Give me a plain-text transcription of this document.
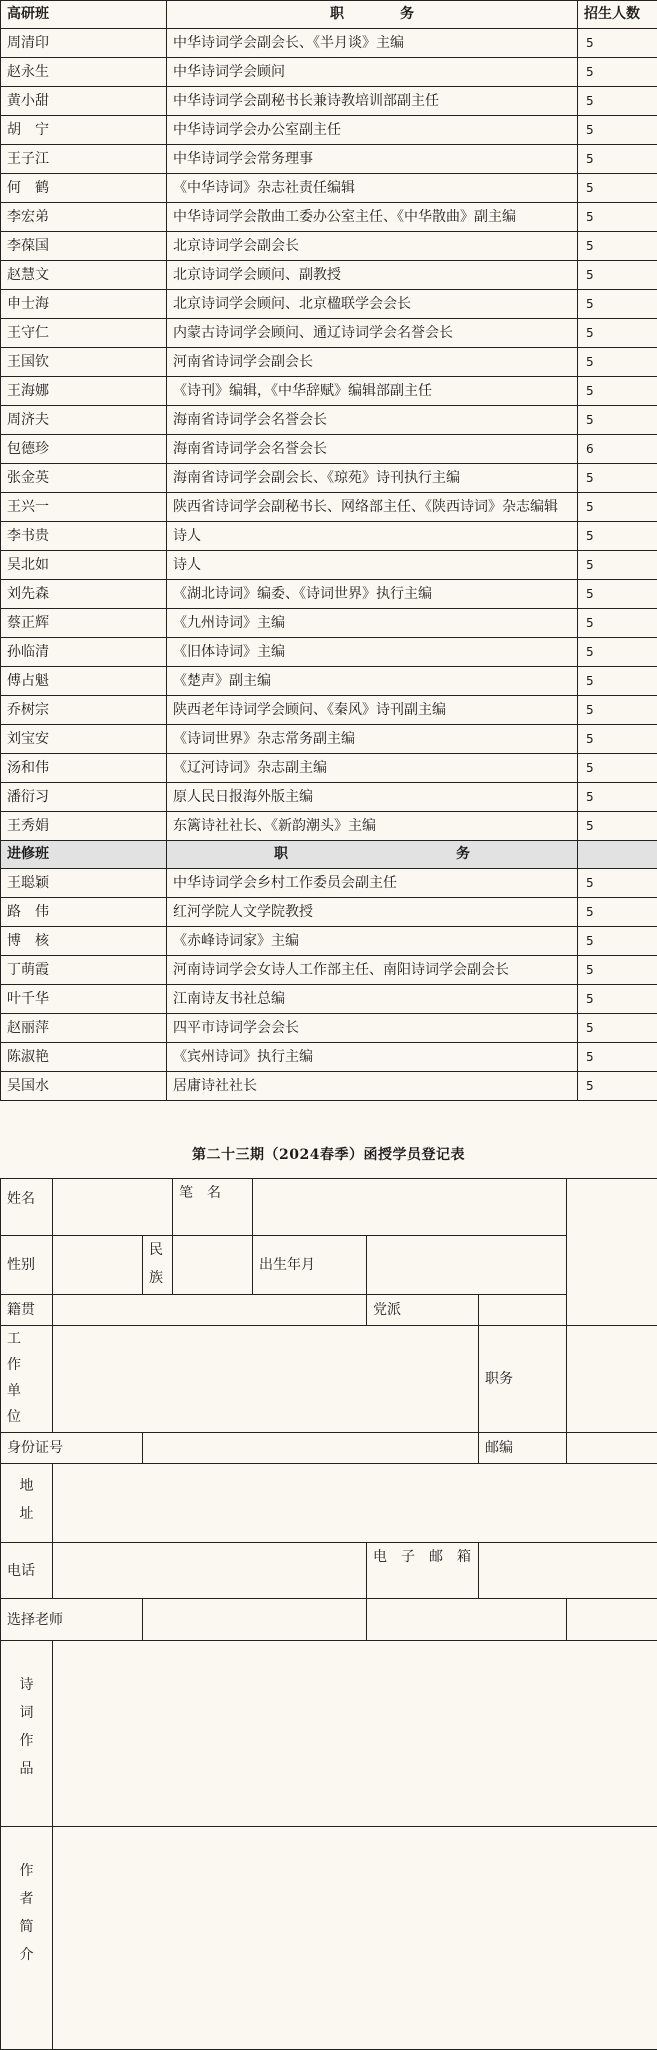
高研班	职　　　　务	招生人数
周清印	中华诗词学会副会长、《半月谈》主编	5
赵永生	中华诗词学会顾问	5
黄小甜	中华诗词学会副秘书长兼诗教培训部副主任	5
胡　宁	中华诗词学会办公室副主任	5
王子江	中华诗词学会常务理事	5
何　鹤	《中华诗词》杂志社责任编辑	5
李宏弟	中华诗词学会散曲工委办公室主任、《中华散曲》副主编	5
李葆国	北京诗词学会副会长	5
赵慧文	北京诗词学会顾问、副教授	5
申士海	北京诗词学会顾问、北京楹联学会会长	5
王守仁	内蒙古诗词学会顾问、通辽诗词学会名誉会长	5
王国钦	河南省诗词学会副会长	5
王海娜	《诗刊》编辑，《中华辞赋》编辑部副主任	5
周济夫	海南省诗词学会名誉会长	5
包德珍	海南省诗词学会名誉会长	6
张金英	海南省诗词学会副会长、《琼苑》诗刊执行主编	5
王兴一	陕西省诗词学会副秘书长、网络部主任、《陕西诗词》杂志编辑	5
李书贵	诗人	5
吴北如	诗人	5
刘先森	《湖北诗词》编委、《诗词世界》执行主编	5
蔡正辉	《九州诗词》主编	5
孙临清	《旧体诗词》主编	5
傅占魁	《楚声》副主编	5
乔树宗	陕西老年诗词学会顾问、《秦风》诗刊副主编	5
刘宝安	《诗词世界》杂志常务副主编	5
汤和伟	《辽河诗词》杂志副主编	5
潘衍习	原人民日报海外版主编	5
王秀娟	东篱诗社社长、《新韵潮头》主编	5
进修班	职　　　　　　　　　　　　务	
王聪颖	中华诗词学会乡村工作委员会副主任	5
路　伟	红河学院人文学院教授	5
博　核	《赤峰诗词家》主编	5
丁萌霞	河南诗词学会女诗人工作部主任、南阳诗词学会副会长	5
叶千华	江南诗友书社总编	5
赵丽萍	四平市诗词学会会长	5
陈淑艳	《宾州诗词》执行主编	5
吴国水	居庸诗社社长	5
第二十三期（2024春季）函授学员登记表
姓名			笔　名				
性别		民　族		出生年月			
籍贯					党派		
工　作　单　位						职务	
身份证号						邮编	
地　址							
电话					电　子　邮　箱		
选择老师							
诗　词　作　品							
作　者　简　介							
